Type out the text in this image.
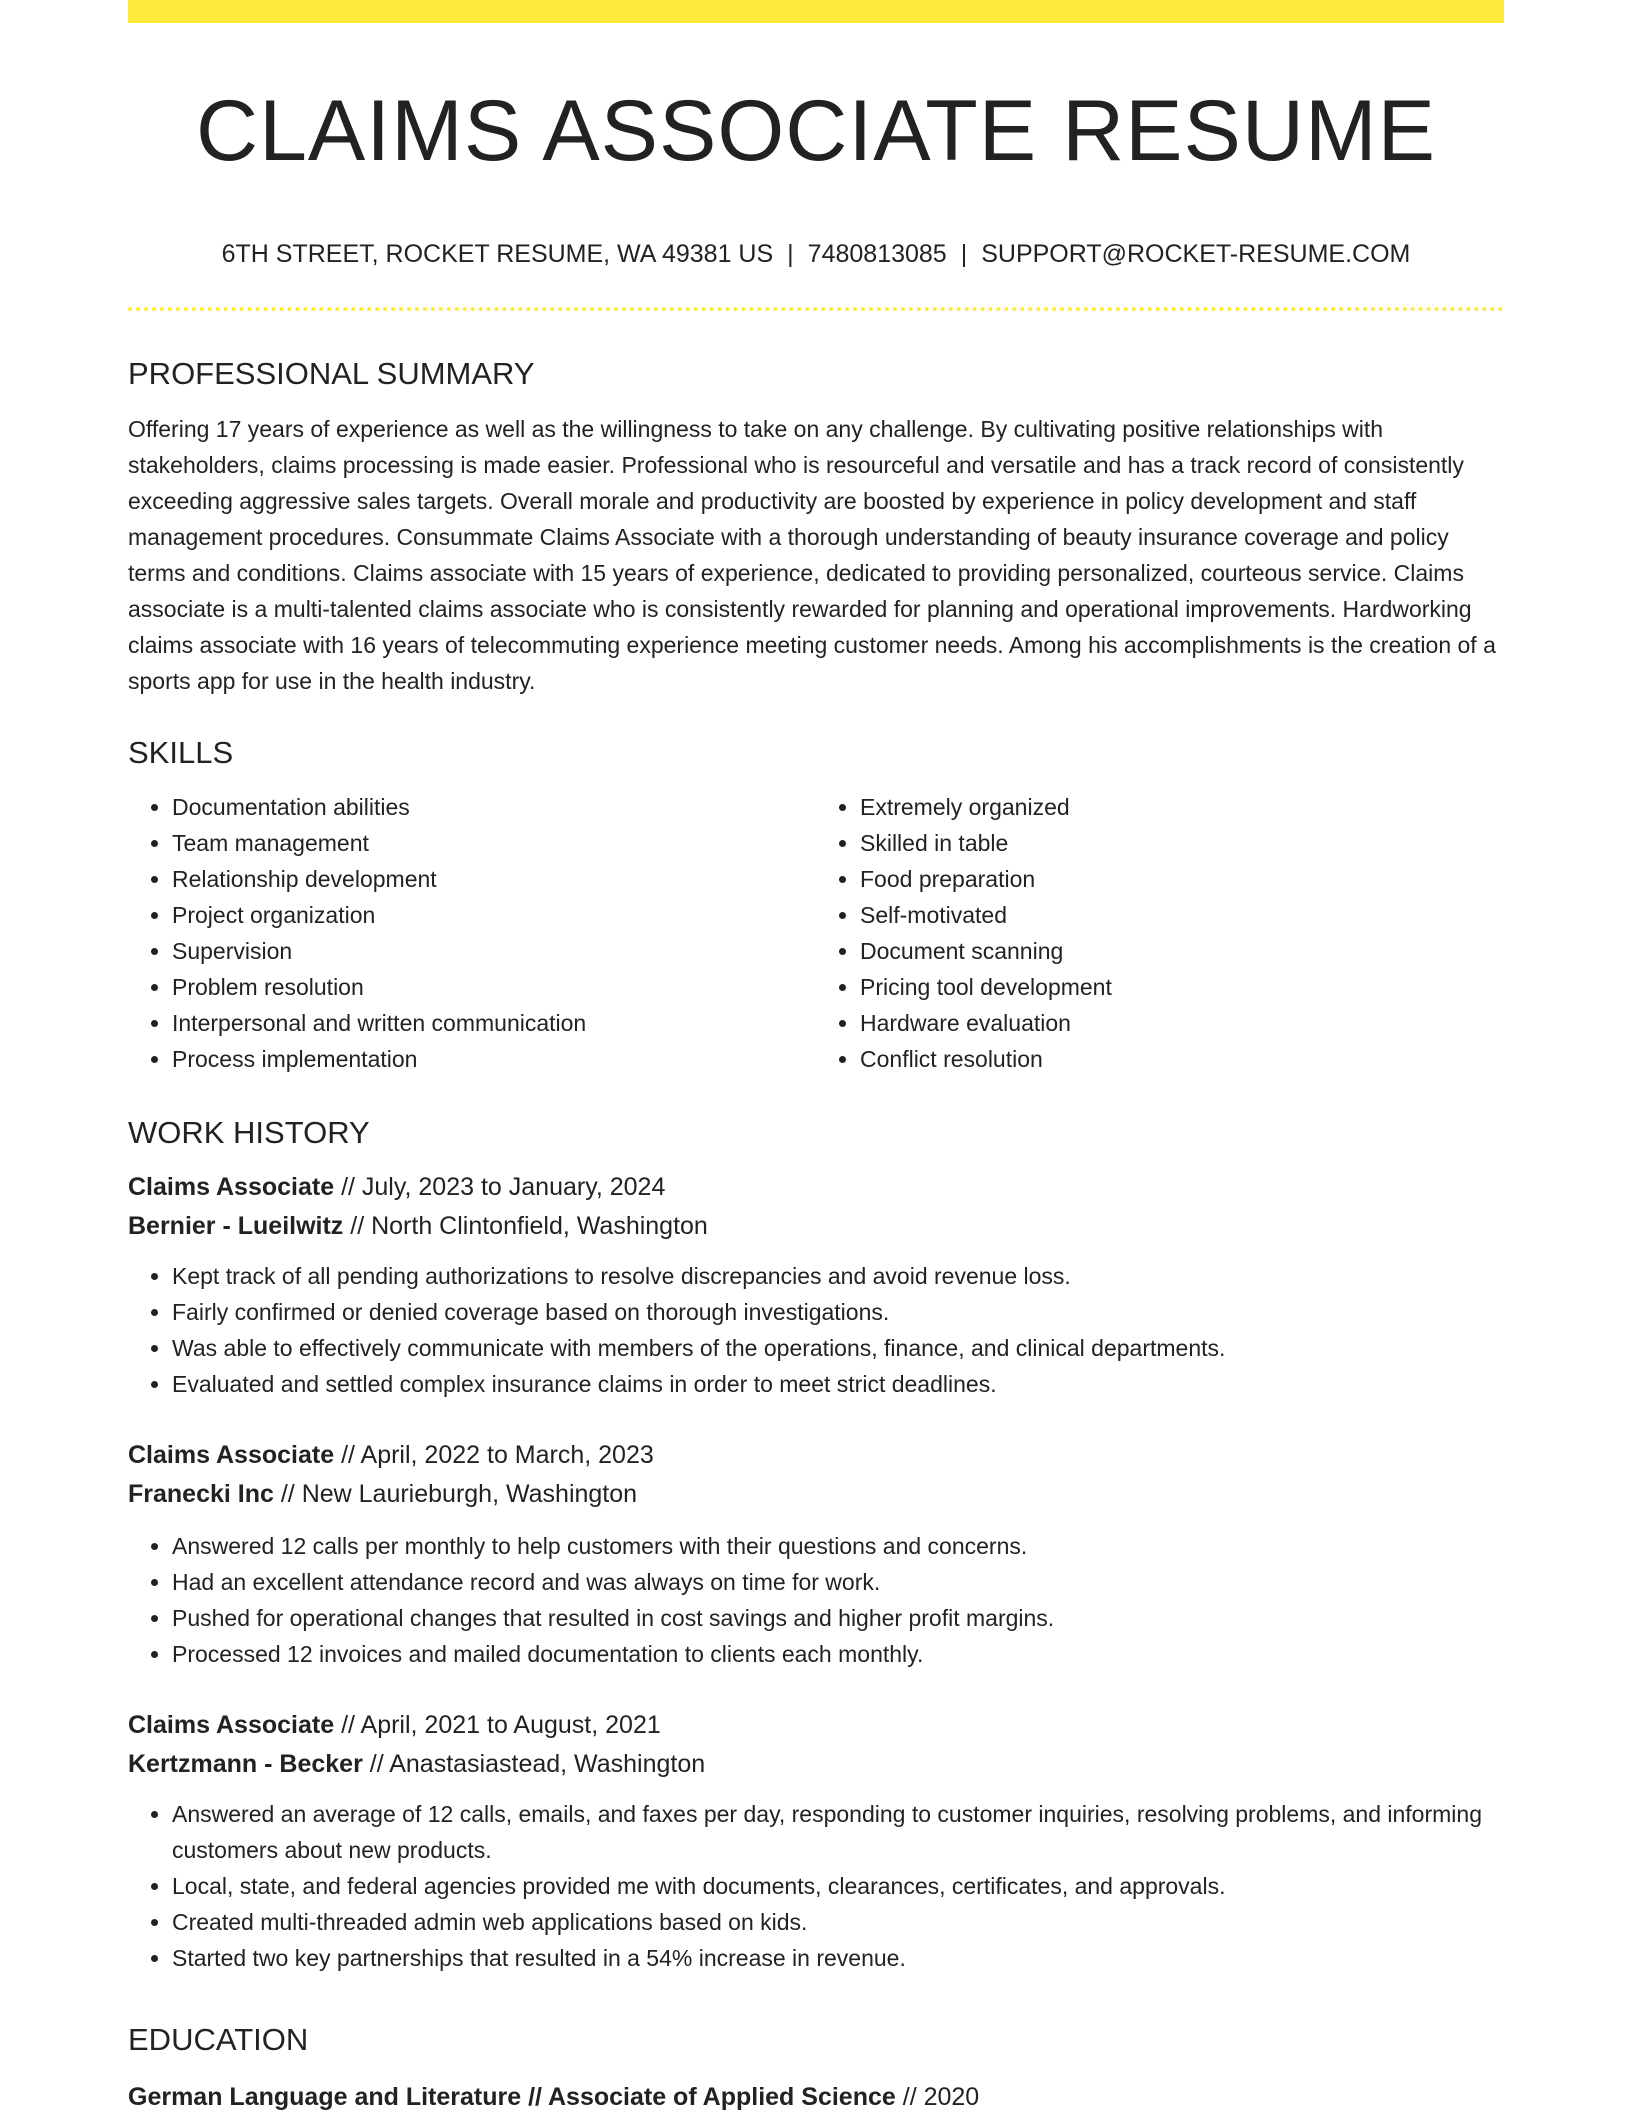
CLAIMS ASSOCIATE RESUME
6TH STREET, ROCKET RESUME, WA 49381 US | 7480813085 | SUPPORT@ROCKET-RESUME.COM
PROFESSIONAL SUMMARY

Offering 17 years of experience as well as the willingness to take on any challenge. By cultivating positive relationships with stakeholders, claims processing is made easier. Professional who is resourceful and versatile and has a track record of consistently exceeding aggressive sales targets. Overall morale and productivity are boosted by experience in policy development and staff management procedures. Consummate Claims Associate with a thorough understanding of beauty insurance coverage and policy terms and conditions. Claims associate with 15 years of experience, dedicated to providing personalized, courteous service. Claims associate is a multi-talented claims associate who is consistently rewarded for planning and operational improvements. Hardworking claims associate with 16 years of telecommuting experience meeting customer needs. Among his accomplishments is the creation of a sports app for use in the health industry.

SKILLS
• Documentation abilities
• Team management
• Relationship development
• Project organization
• Supervision
• Problem resolution
• Interpersonal and written communication
• Process implementation
• Extremely organized
• Skilled in table
• Food preparation
• Self-motivated
• Document scanning
• Pricing tool development
• Hardware evaluation
• Conflict resolution
WORK HISTORY
Claims Associate // July, 2023 to January, 2024
Bernier - Lueilwitz // North Clintonfield, Washington
• Kept track of all pending authorizations to resolve discrepancies and avoid revenue loss.
• Fairly confirmed or denied coverage based on thorough investigations.
• Was able to effectively communicate with members of the operations, finance, and clinical departments.
• Evaluated and settled complex insurance claims in order to meet strict deadlines.
Claims Associate // April, 2022 to March, 2023
Franecki Inc // New Laurieburgh, Washington
• Answered 12 calls per monthly to help customers with their questions and concerns.
• Had an excellent attendance record and was always on time for work.
• Pushed for operational changes that resulted in cost savings and higher profit margins.
• Processed 12 invoices and mailed documentation to clients each monthly.
Claims Associate // April, 2021 to August, 2021
Kertzmann - Becker // Anastasiastead, Washington
• Answered an average of 12 calls, emails, and faxes per day, responding to customer inquiries, resolving problems, and informing customers about new products.
• Local, state, and federal agencies provided me with documents, clearances, certificates, and approvals.
• Created multi-threaded admin web applications based on kids.
• Started two key partnerships that resulted in a 54% increase in revenue.
EDUCATION
German Language and Literature // Associate of Applied Science // 2020
